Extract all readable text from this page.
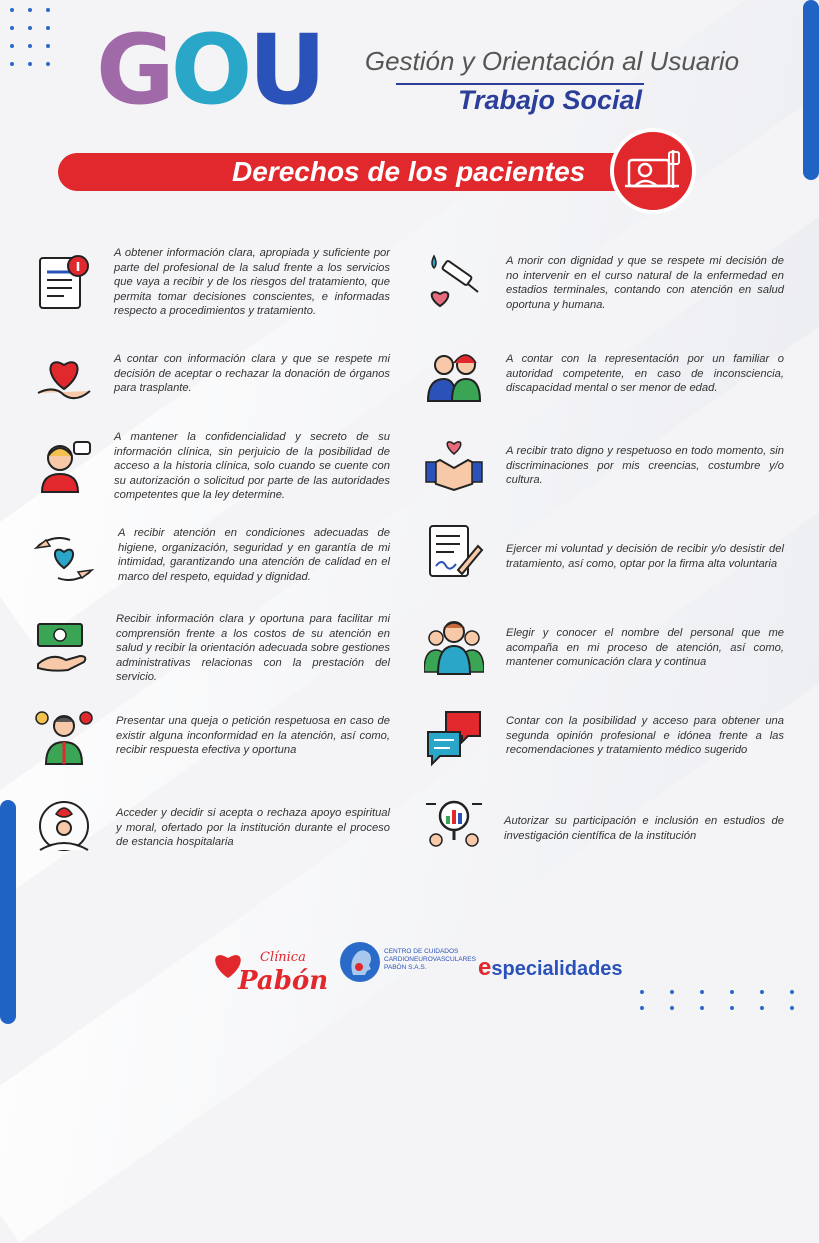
GOU	Gestión y Orientación al Usuario
Trabajo Social
Derechos de los pacientes
A obtener información clara, apropiada y suficiente por parte del profesional de la salud frente a los servicios que vaya a recibir y de los riesgos del tratamiento, que permita tomar decisiones conscientes, e informadas respecto a procedimientos y tratamiento.
A contar con información clara y que se respete mi decisión de aceptar o rechazar la donación de órganos para trasplante.
A mantener la confidencialidad y secreto de su información clínica, sin perjuicio de la posibilidad de acceso a la historia clínica, solo cuando se cuente con su autorización o solicitud por parte de las autoridades competentes que la ley determine.
A recibir atención en condiciones adecuadas de higiene, organización, seguridad y en garantía de mi intimidad, garantizando una atención de calidad en el marco del respeto, equidad y dignidad.
Recibir información clara y oportuna para facilitar mi comprensión frente a los costos de su atención en salud y recibir la orientación adecuada sobre gestiones administrativas relacionas con la prestación del servicio.
Presentar una queja o petición respetuosa en caso de existir alguna inconformidad en la atención, así como, recibir respuesta efectiva y oportuna
Acceder y decidir si acepta o rechaza apoyo espiritual y moral, ofertado por la institución durante el proceso de estancia hospitalaria
A morir con dignidad y que se respete mi decisión de no intervenir en el curso natural de la enfermedad en estadios terminales, contando con atención en salud oportuna y humana.
A contar con la representación por un familiar o autoridad competente, en caso de inconsciencia, discapacidad mental o ser menor de edad.
A recibir trato digno y respetuoso en todo momento, sin discriminaciones por mis creencias, costumbre y/o cultura.
Ejercer mi voluntad y decisión de recibir y/o desistir del tratamiento, así como, optar por la firma alta voluntaria
Elegir y conocer el nombre del personal que me acompaña en mi proceso de atención, así como, mantener comunicación clara y continua
Contar con la posibilidad y acceso para obtener una segunda opinión profesional e idónea frente a las recomendaciones y tratamiento médico sugerido
Autorizar su participación e inclusión en estudios de investigación científica de la institución
Clínica
Pabón
CENTRO DE CUIDADOS
CARDIONEUROVASCULARES
PABÓN S.A.S.	especialidades
